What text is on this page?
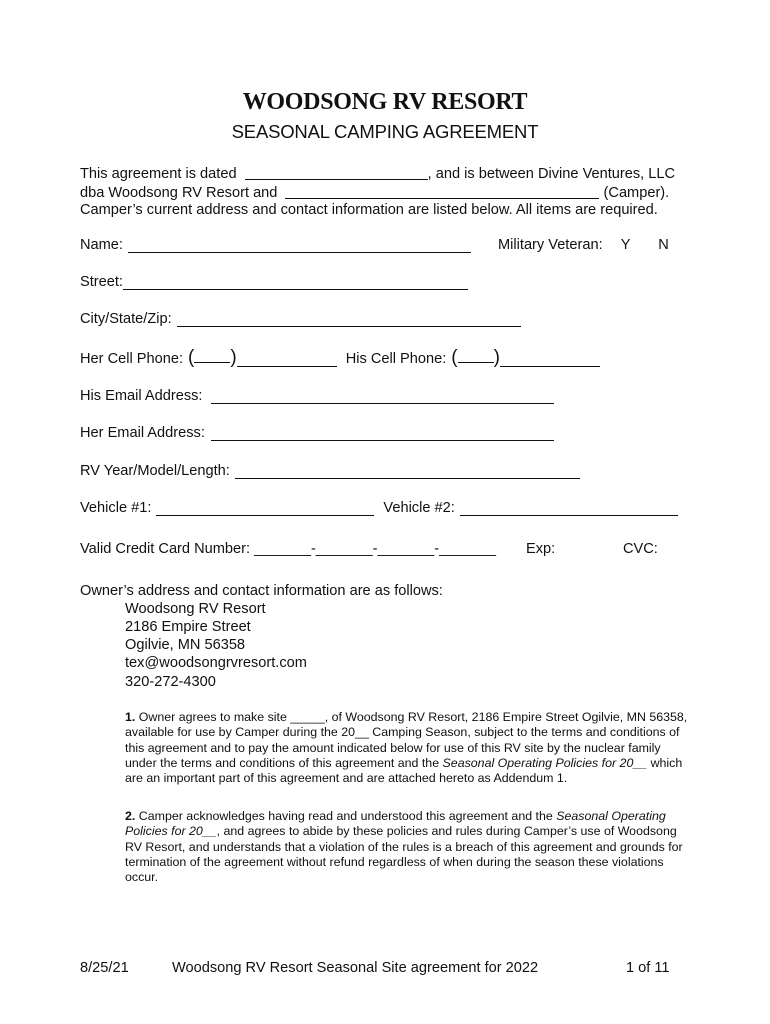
WOODSONG RV RESORT
SEASONAL CAMPING AGREEMENT
This agreement is dated	, and is between Divine Ventures, LLC
dba Woodsong RV Resort and	(Camper).
Camper’s current address and contact information are listed below. All items are required.
Name:	Military Veteran: Y N
Street:
City/State/Zip:
Her Cell Phone: ( )	His Cell Phone: ( )
His Email Address:
Her Email Address:
RV Year/Model/Length:
Vehicle #1:	Vehicle #2:
Valid Credit Card Number: _______-_______-_______-_______ Exp:	CVC:
Owner’s address and contact information are as follows:
Woodsong RV Resort
2186 Empire Street
Ogilvie, MN 56358
tex@woodsongrvresort.com
320-272-4300
1. Owner agrees to make site _____, of Woodsong RV Resort, 2186 Empire Street Ogilvie, MN 56358, available for use by Camper during the 20__ Camping Season, subject to the terms and conditions of this agreement and to pay the amount indicated below for use of this RV site by the nuclear family under the terms and conditions of this agreement and the Seasonal Operating Policies for 20__ which are an important part of this agreement and are attached hereto as Addendum 1.
2. Camper acknowledges having read and understood this agreement and the Seasonal Operating Policies for 20__, and agrees to abide by these policies and rules during Camper’s use of Woodsong RV Resort, and understands that a violation of the rules is a breach of this agreement and grounds for termination of the agreement without refund regardless of when during the season these violations occur.
8/25/21	Woodsong RV Resort Seasonal Site agreement for 2022	1 of 11
